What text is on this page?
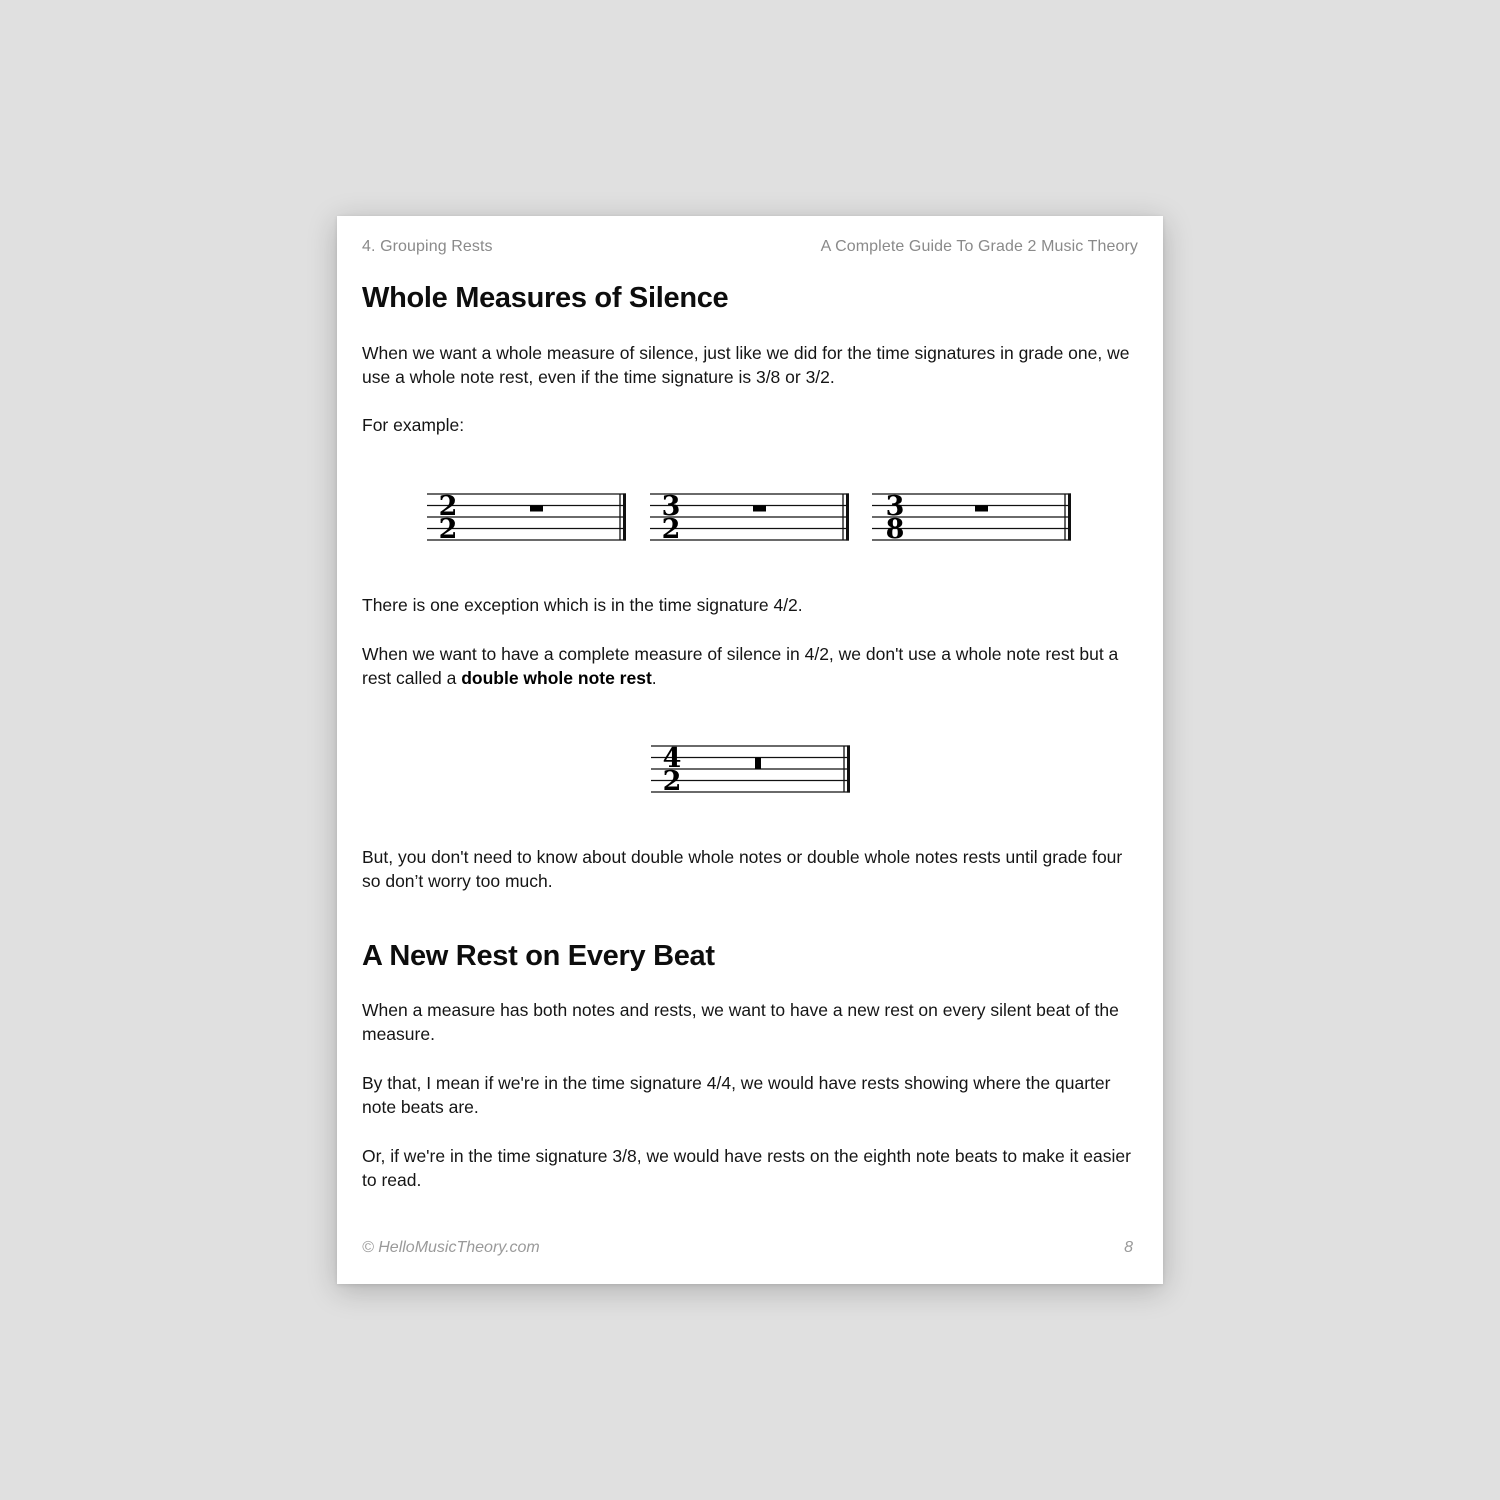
4. Grouping Rests	A Complete Guide To Grade 2 Music Theory
Whole Measures of Silence

When we want a whole measure of silence, just like we did for the time signatures in grade one, we use a whole note rest, even if the time signature is 3/8 or 3/2.

For example:

2
2
3
2
3
8

There is one exception which is in the time signature 4/2.

When we want to have a complete measure of silence in 4/2, we don't use a whole note rest but a rest called a double whole note rest.

4
2

But, you don't need to know about double whole notes or double whole notes rests until grade four so don’t worry too much.

A New Rest on Every Beat

When a measure has both notes and rests, we want to have a new rest on every silent beat of the measure.

By that, I mean if we're in the time signature 4/4, we would have rests showing where the quarter note beats are.

Or, if we're in the time signature 3/8, we would have rests on the eighth note beats to make it easier to read.

© HelloMusicTheory.com	8
